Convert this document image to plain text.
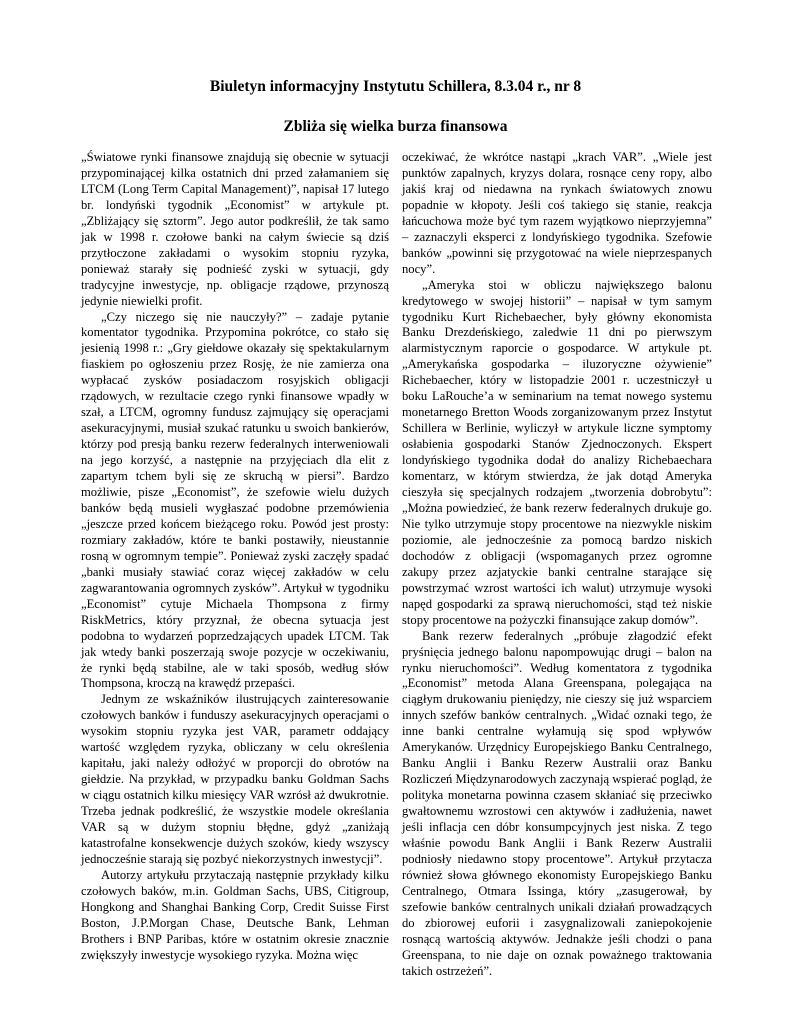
Biuletyn informacyjny Instytutu Schillera, 8.3.04 r., nr 8
Zbliża się wielka burza finansowa

„Światowe rynki finansowe znajdują się obecnie w sytuacji przypominającej kilka ostatnich dni przed załamaniem się LTCM (Long Term Capital Management)”, napisał 17 lutego br. londyński tygodnik „Economist” w artykule pt. „Zbliżający się sztorm”. Jego autor podkreślił, że tak samo jak w 1998 r. czołowe banki na całym świecie są dziś przytłoczone zakładami o wysokim stopniu ryzyka, ponieważ starały się podnieść zyski w sytuacji, gdy tradycyjne inwestycje, np. obligacje rządowe, przynoszą jedynie niewielki profit.

„Czy niczego się nie nauczyły?” – zadaje pytanie komentator tygodnika. Przypomina pokrótce, co stało się jesienią 1998 r.: „Gry giełdowe okazały się spektakularnym fiaskiem po ogłoszeniu przez Rosję, że nie zamierza ona wypłacać zysków posiadaczom rosyjskich obligacji rządowych, w rezultacie czego rynki finansowe wpadły w szał, a LTCM, ogromny fundusz zajmujący się operacjami asekuracyjnymi, musiał szukać ratunku u swoich bankierów, którzy pod presją banku rezerw federalnych interweniowali na jego korzyść, a następnie na przyjęciach dla elit z zapartym tchem byli się ze skruchą w piersi”. Bardzo możliwie, pisze „Economist”, że szefowie wielu dużych banków będą musieli wygłaszać podobne przemówienia „jeszcze przed końcem bieżącego roku. Powód jest prosty: rozmiary zakładów, które te banki postawiły, nieustannie rosną w ogromnym tempie”. Ponieważ zyski zaczęły spadać „banki musiały stawiać coraz więcej zakładów w celu zagwarantowania ogromnych zysków”. Artykuł w tygodniku „Economist” cytuje Michaela Thompsona z firmy RiskMetrics, który przyznał, że obecna sytuacja jest podobna to wydarzeń poprzedzających upadek LTCM. Tak jak wtedy banki poszerzają swoje pozycje w oczekiwaniu, że rynki będą stabilne, ale w taki sposób, według słów Thompsona, kroczą na krawędź przepaści.

Jednym ze wskaźników ilustrujących zainteresowanie czołowych banków i funduszy asekuracyjnych operacjami o wysokim stopniu ryzyka jest VAR, parametr oddający wartość względem ryzyka, obliczany w celu określenia kapitału, jaki należy odłożyć w proporcji do obrotów na giełdzie. Na przykład, w przypadku banku Goldman Sachs w ciągu ostatnich kilku miesięcy VAR wzrósł aż dwukrotnie. Trzeba jednak podkreślić, że wszystkie modele określania VAR są w dużym stopniu błędne, gdyż „zaniżają katastrofalne konsekwencje dużych szoków, kiedy wszyscy jednocześnie starają się pozbyć niekorzystnych inwestycji”.

Autorzy artykułu przytaczają następnie przykłady kilku czołowych baków, m.in. Goldman Sachs, UBS, Citigroup, Hongkong and Shanghai Banking Corp, Credit Suisse First Boston, J.P.Morgan Chase, Deutsche Bank, Lehman Brothers i BNP Paribas, które w ostatnim okresie znacznie zwiększyły inwestycje wysokiego ryzyka. Można więc

oczekiwać, że wkrótce nastąpi „krach VAR”. „Wiele jest punktów zapalnych, kryzys dolara, rosnące ceny ropy, albo jakiś kraj od niedawna na rynkach światowych znowu popadnie w kłopoty. Jeśli coś takiego się stanie, reakcja łańcuchowa może być tym razem wyjątkowo nieprzyjemna” – zaznaczyli eksperci z londyńskiego tygodnika. Szefowie banków „powinni się przygotować na wiele nieprzespanych nocy”.

„Ameryka stoi w obliczu największego balonu kredytowego w swojej historii” – napisał w tym samym tygodniku Kurt Richebaecher, były główny ekonomista Banku Drezdeńskiego, zaledwie 11 dni po pierwszym alarmistycznym raporcie o gospodarce. W artykule pt. „Amerykańska gospodarka – iluzoryczne ożywienie” Richebaecher, który w listopadzie 2001 r. uczestniczył u boku LaRouche’a w seminarium na temat nowego systemu monetarnego Bretton Woods zorganizowanym przez Instytut Schillera w Berlinie, wyliczył w artykule liczne symptomy osłabienia gospodarki Stanów Zjednoczonych. Ekspert londyńskiego tygodnika dodał do analizy Richebaechara komentarz, w którym stwierdza, że jak dotąd Ameryka cieszyła się specjalnych rodzajem „tworzenia dobrobytu”: „Można powiedzieć, że bank rezerw federalnych drukuje go. Nie tylko utrzymuje stopy procentowe na niezwykle niskim poziomie, ale jednocześnie za pomocą bardzo niskich dochodów z obligacji (wspomaganych przez ogromne zakupy przez azjatyckie banki centralne starające się powstrzymać wzrost wartości ich walut) utrzymuje wysoki napęd gospodarki za sprawą nieruchomości, stąd też niskie stopy procentowe na pożyczki finansujące zakup domów”.

Bank rezerw federalnych „próbuje złagodzić efekt pryśnięcia jednego balonu napompowując drugi – balon na rynku nieruchomości”. Według komentatora z tygodnika „Economist” metoda Alana Greenspana, polegająca na ciągłym drukowaniu pieniędzy, nie cieszy się już wsparciem innych szefów banków centralnych. „Widać oznaki tego, że inne banki centralne wyłamują się spod wpływów Amerykanów. Urzędnicy Europejskiego Banku Centralnego, Banku Anglii i Banku Rezerw Australii oraz Banku Rozliczeń Międzynarodowych zaczynają wspierać pogląd, że polityka monetarna powinna czasem skłaniać się przeciwko gwałtownemu wzrostowi cen aktywów i zadłużenia, nawet jeśli inflacja cen dóbr konsumpcyjnych jest niska. Z tego właśnie powodu Bank Anglii i Bank Rezerw Australii podniosły niedawno stopy procentowe”. Artykuł przytacza również słowa głównego ekonomisty Europejskiego Banku Centralnego, Otmara Issinga, który „zasugerował, by szefowie banków centralnych unikali działań prowadzących do zbiorowej euforii i zasygnalizowali zaniepokojenie rosnącą wartością aktywów. Jednakże jeśli chodzi o pana Greenspana, to nie daje on oznak poważnego traktowania takich ostrzeżeń”.
